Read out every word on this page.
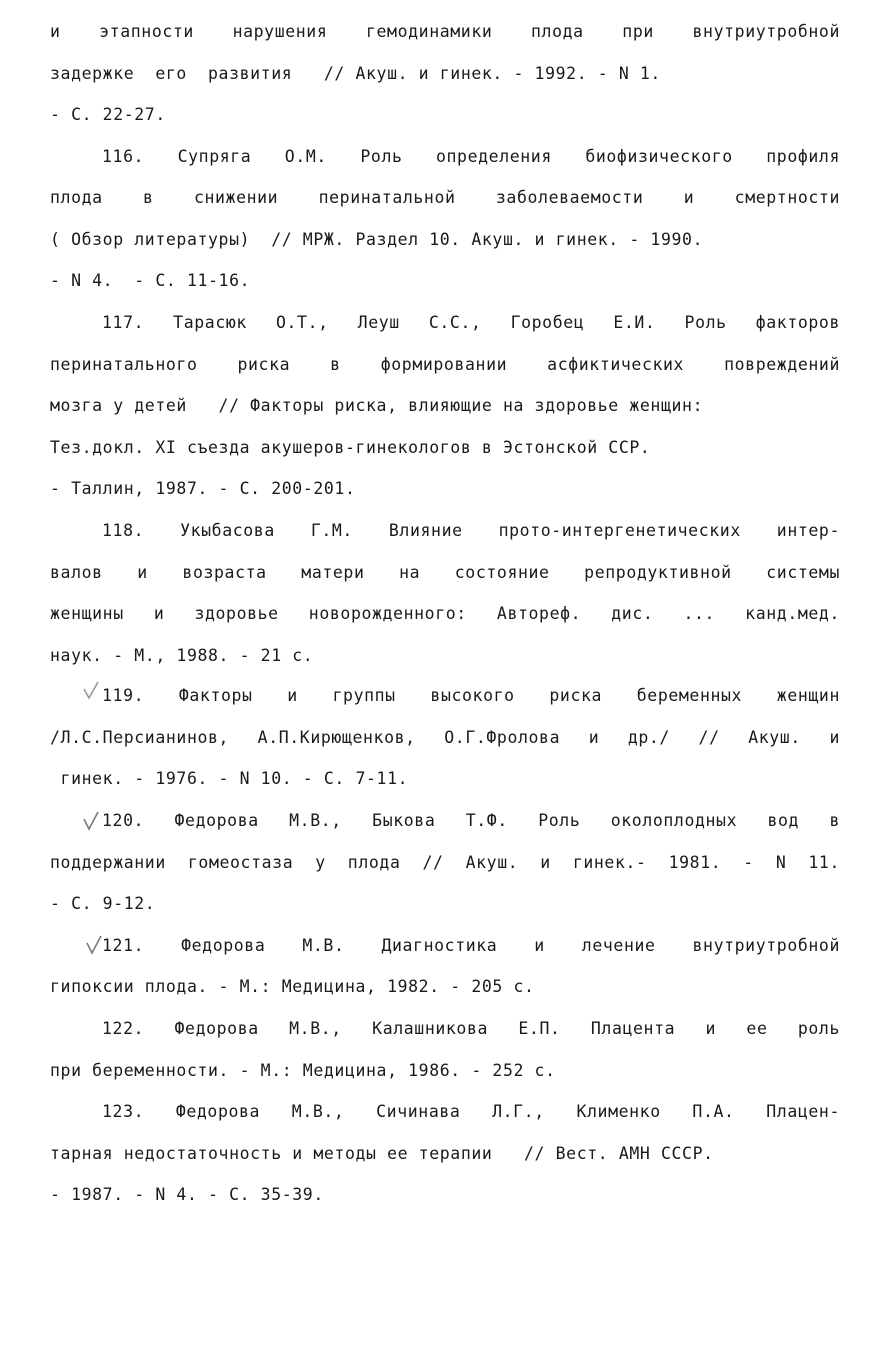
и этапности нарушения гемодинамики плода при внутриутробной
задержке  его  развития   // Акуш. и гинек. - 1992. - N 1.
- С. 22-27.
116. Супряга О.М. Роль определения биофизического профиля
плода в снижении перинатальной заболеваемости и смертности
( Обзор литературы)  // МРЖ. Раздел 10. Акуш. и гинек. - 1990.
- N 4.  - С. 11-16.
117. Тарасюк О.Т., Леуш С.С., Горобец Е.И. Роль факторов
перинатального риска в формировании асфиктических повреждений
мозга у детей   // Факторы риска, влияющие на здоровье женщин:
Тез.докл. XI съезда акушеров-гинекологов в Эстонской ССР.
- Таллин, 1987. - С. 200-201.
118. Укыбасова Г.М. Влияние прото-интергенетических интер-
валов и возраста матери на состояние репродуктивной системы
женщины и здоровье новорожденного: Автореф. дис. ... канд.мед.
наук. - М., 1988. - 21 с.
119. Факторы и группы высокого риска беременных женщин
/Л.С.Персианинов, А.П.Кирющенков, О.Г.Фролова и др./ // Акуш. и
гинек. - 1976. - N 10. - С. 7-11.
120. Федорова М.В., Быкова Т.Ф. Роль околоплодных вод в
поддержании гомеостаза у плода // Акуш. и гинек.- 1981. - N 11.
- С. 9-12.
121. Федорова М.В. Диагностика и лечение внутриутробной
гипоксии плода. - М.: Медицина, 1982. - 205 с.
122. Федорова М.В., Калашникова Е.П. Плацента и ее роль
при беременности. - М.: Медицина, 1986. - 252 с.
123. Федорова М.В., Сичинава Л.Г., Клименко П.А. Плацен-
тарная недостаточность и методы ее терапии   // Вест. АМН СССР.
- 1987. - N 4. - С. 35-39.
